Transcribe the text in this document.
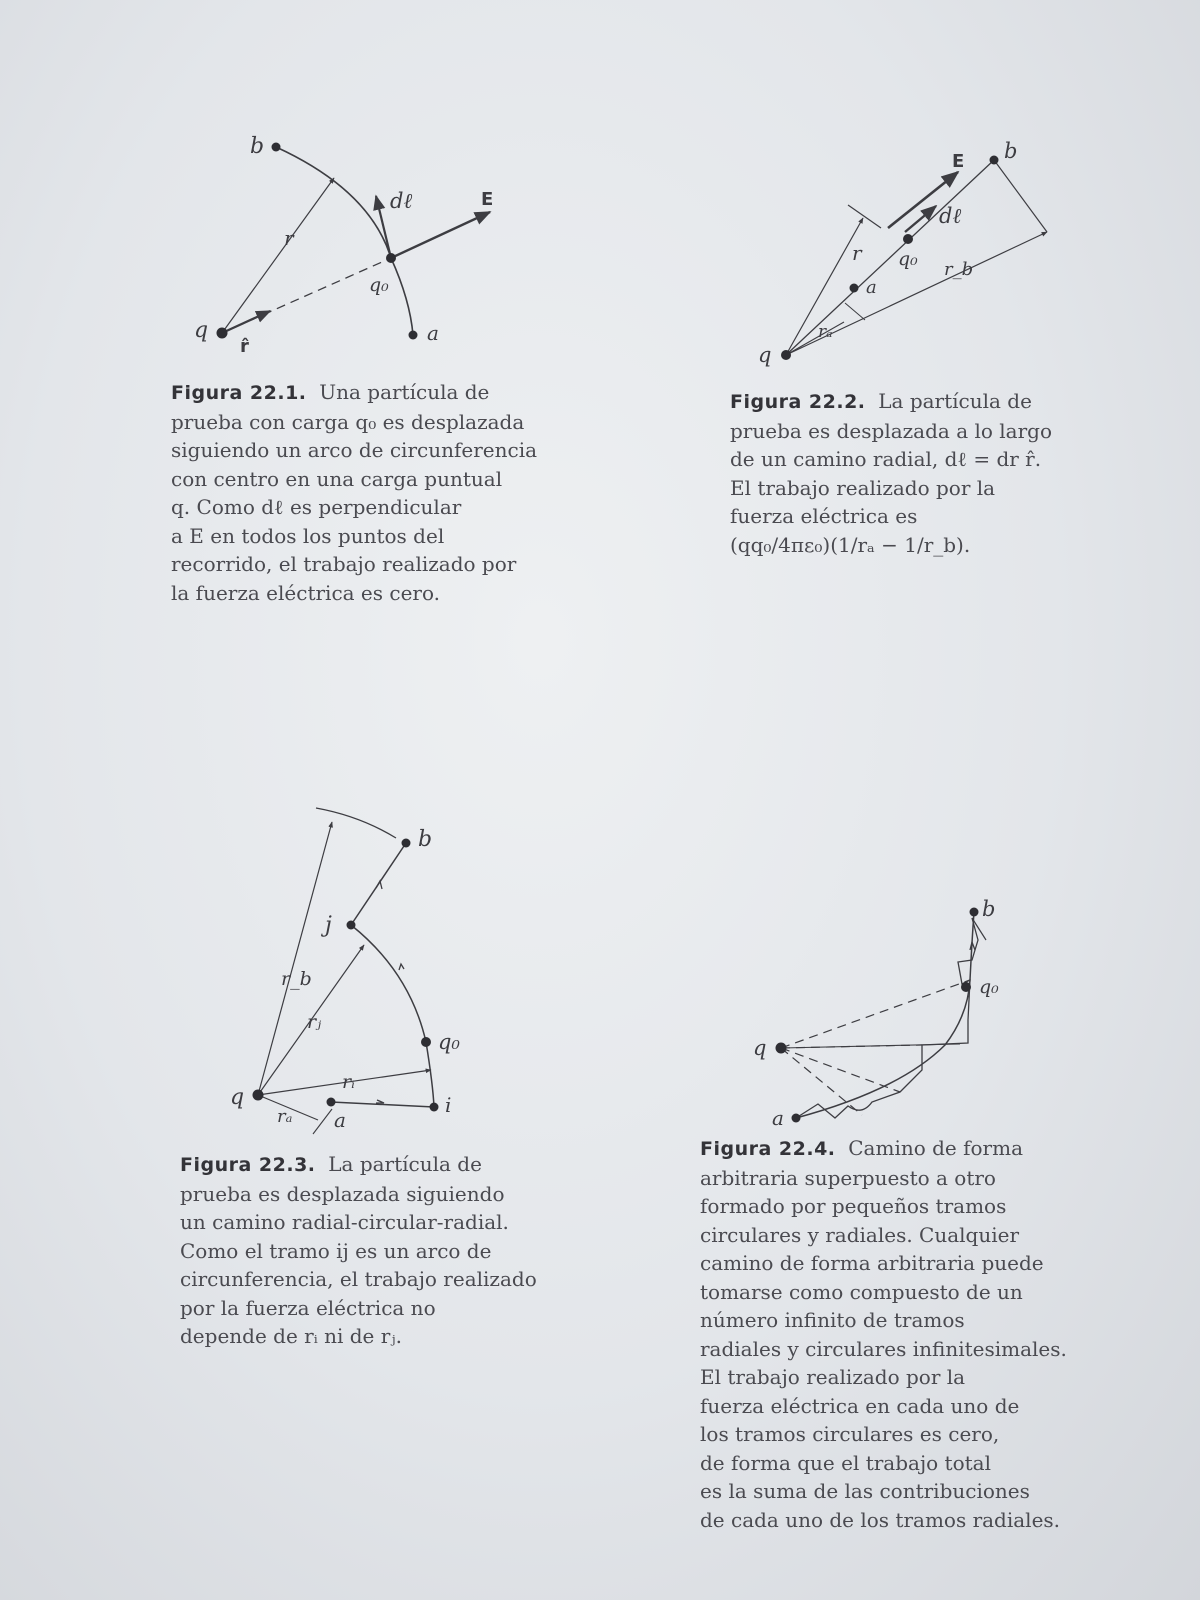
b
a
q
q₀
r
r̂
dℓ	E
Figura 22.1. Una partícula de
prueba con carga q₀ es desplazada
siguiendo un arco de circunferencia
con centro en una carga puntual
q. Como dℓ es perpendicular
a E en todos los puntos del
recorrido, el trabajo realizado por
la fuerza eléctrica es cero.
b
a
q
q₀
r
rₐ
r_b
dℓ
E
Figura 22.2. La partícula de
prueba es desplazada a lo largo
de un camino radial, dℓ = dr r̂.
El trabajo realizado por la
fuerza eléctrica es
(qq₀/4πε₀)(1/rₐ − 1/r_b).
b
j
q₀
i
a
q
rᵢ
rⱼ
r_b
rₐ
Figura 22.3. La partícula de
prueba es desplazada siguiendo
un camino radial-circular-radial.
Como el tramo ij es un arco de
circunferencia, el trabajo realizado
por la fuerza eléctrica no
depende de rᵢ ni de rⱼ.
b
q₀
q
a
Figura 22.4. Camino de forma
arbitraria superpuesto a otro
formado por pequeños tramos
circulares y radiales. Cualquier
camino de forma arbitraria puede
tomarse como compuesto de un
número infinito de tramos
radiales y circulares infinitesimales.
El trabajo realizado por la
fuerza eléctrica en cada uno de
los tramos circulares es cero,
de forma que el trabajo total
es la suma de las contribuciones
de cada uno de los tramos radiales.
